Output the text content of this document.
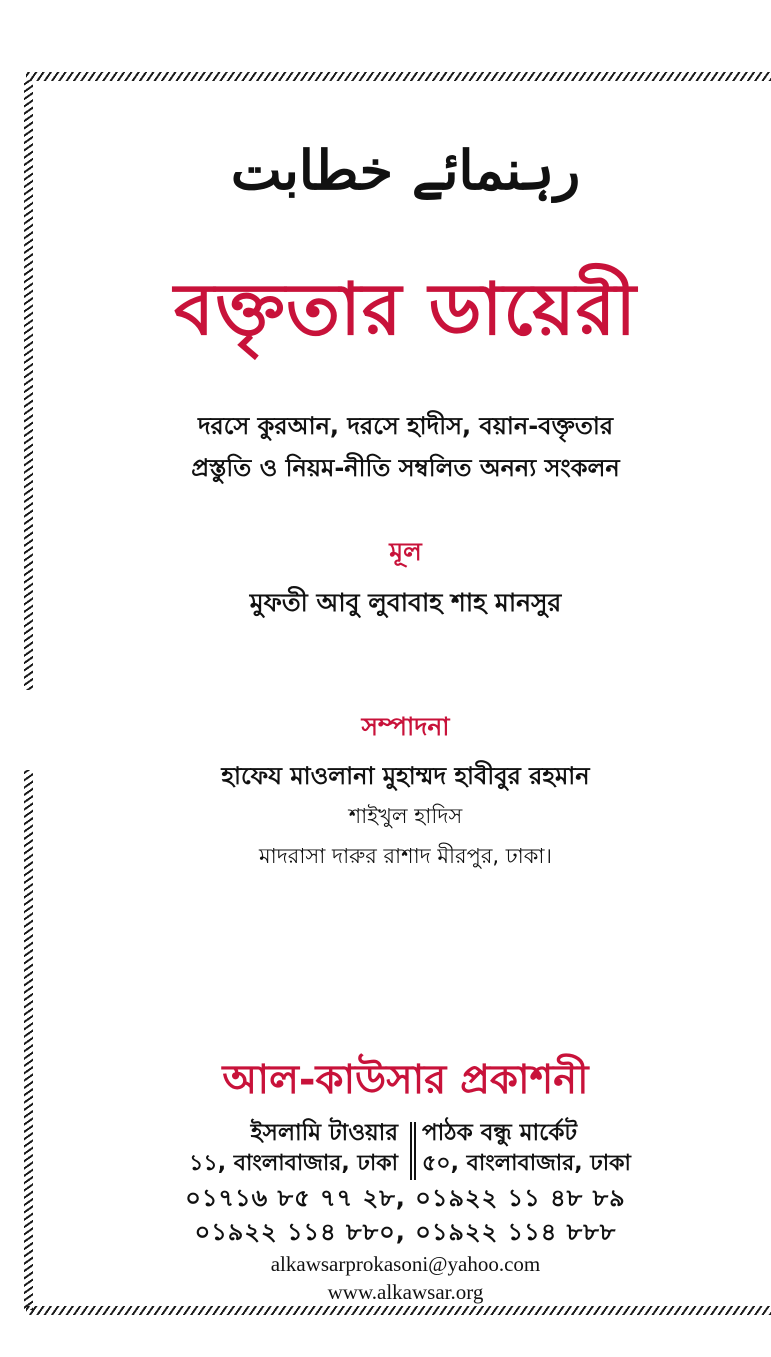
رہنمائے خطابت
বক্তৃতার ডায়েরী
দরসে কুরআন, দরসে হাদীস, বয়ান-বক্তৃতার
প্রস্তুতি ও নিয়ম-নীতি সম্বলিত অনন্য সংকলন
মূল
মুফতী আবু লুবাবাহ শাহ মানসুর
সম্পাদনা
হাফেয মাওলানা মুহাম্মদ হাবীবুর রহমান
শাইখুল হাদিস
মাদরাসা দারুর রাশাদ মীরপুর, ঢাকা।
আল-কাউসার প্রকাশনী
ইসলামি টাওয়ার
১১, বাংলাবাজার, ঢাকা
পাঠক বন্ধু মার্কেট
৫০, বাংলাবাজার, ঢাকা
০১৭১৬ ৮৫ ৭৭ ২৮, ০১৯২২ ১১ ৪৮ ৮৯
০১৯২২ ১১৪ ৮৮০, ০১৯২২ ১১৪ ৮৮৮
alkawsarprokasoni@yahoo.com
www.alkawsar.org
